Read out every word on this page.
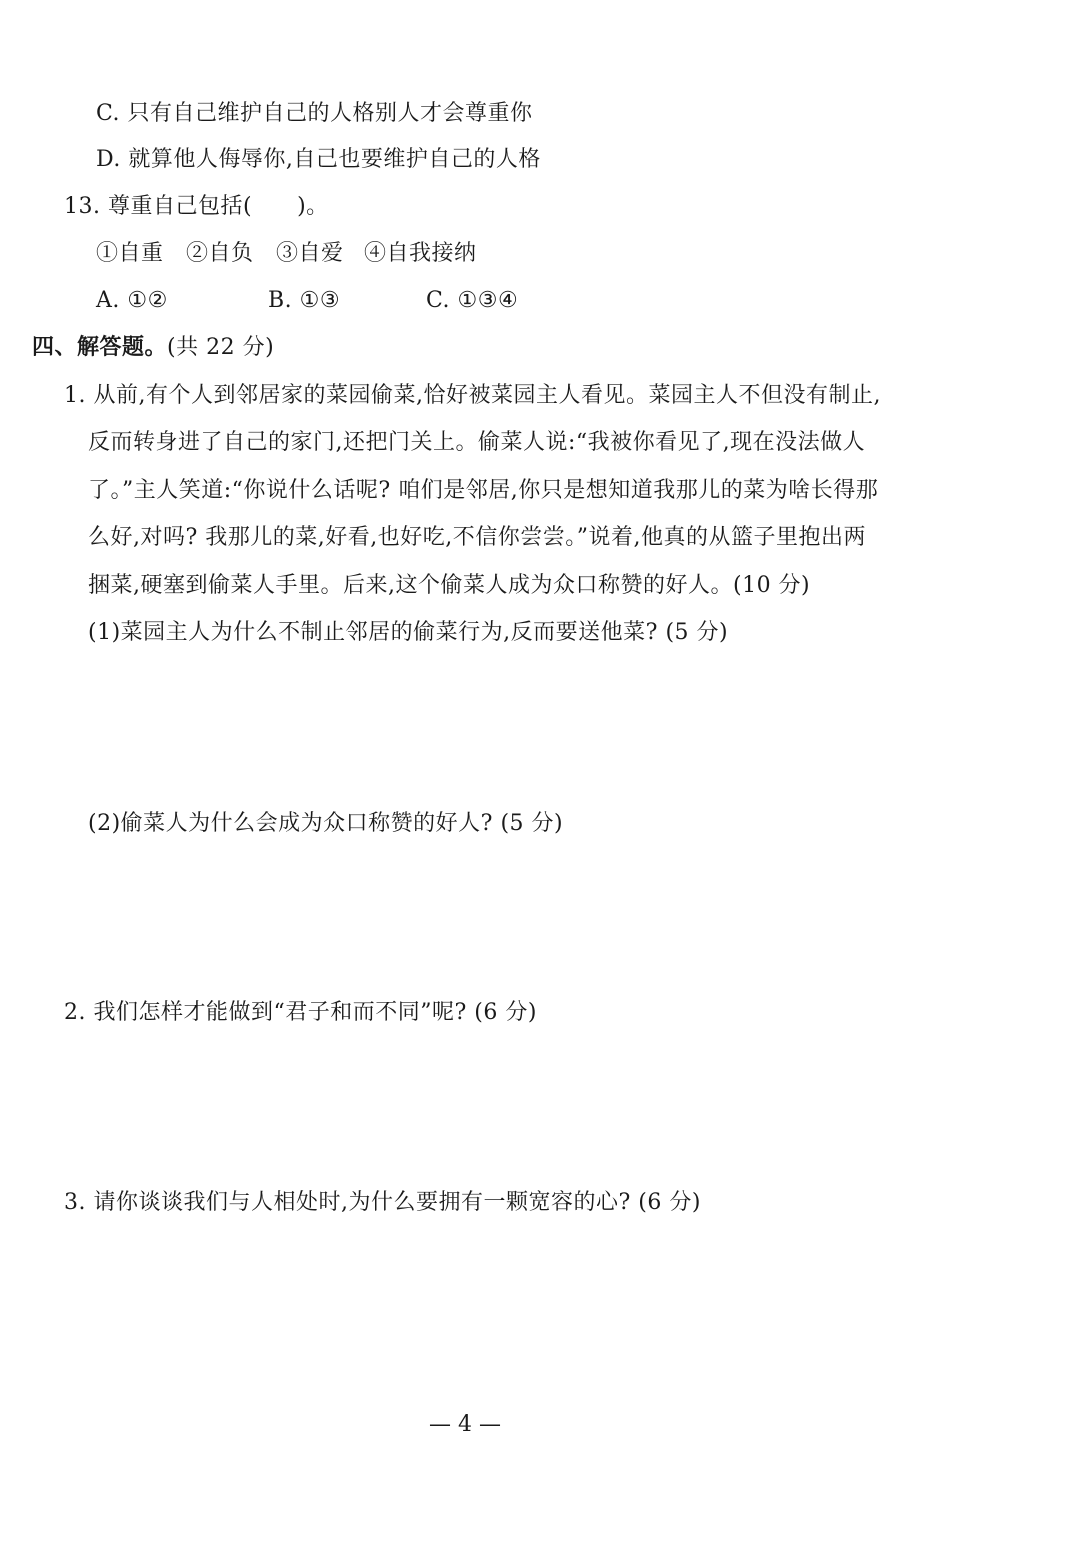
C. 只有自己维护自己的人格别人才会尊重你
D. 就算他人侮辱你,自己也要维护自己的人格
13. 尊重自己包括(　　)。
①自重 ②自负 ③自爱 ④自我接纳
A. ①②	B. ①③	C. ①③④
四、解答题。(共 22 分)
1. 从前,有个人到邻居家的菜园偷菜,恰好被菜园主人看见。菜园主人不但没有制止,
反而转身进了自己的家门,还把门关上。偷菜人说:“我被你看见了,现在没法做人
了。”主人笑道:“你说什么话呢? 咱们是邻居,你只是想知道我那儿的菜为啥长得那
么好,对吗? 我那儿的菜,好看,也好吃,不信你尝尝。”说着,他真的从篮子里抱出两
捆菜,硬塞到偷菜人手里。后来,这个偷菜人成为众口称赞的好人。(10 分)
(1)菜园主人为什么不制止邻居的偷菜行为,反而要送他菜? (5 分)
(2)偷菜人为什么会成为众口称赞的好人? (5 分)
2. 我们怎样才能做到“君子和而不同”呢? (6 分)
3. 请你谈谈我们与人相处时,为什么要拥有一颗宽容的心? (6 分)
— 4 —
